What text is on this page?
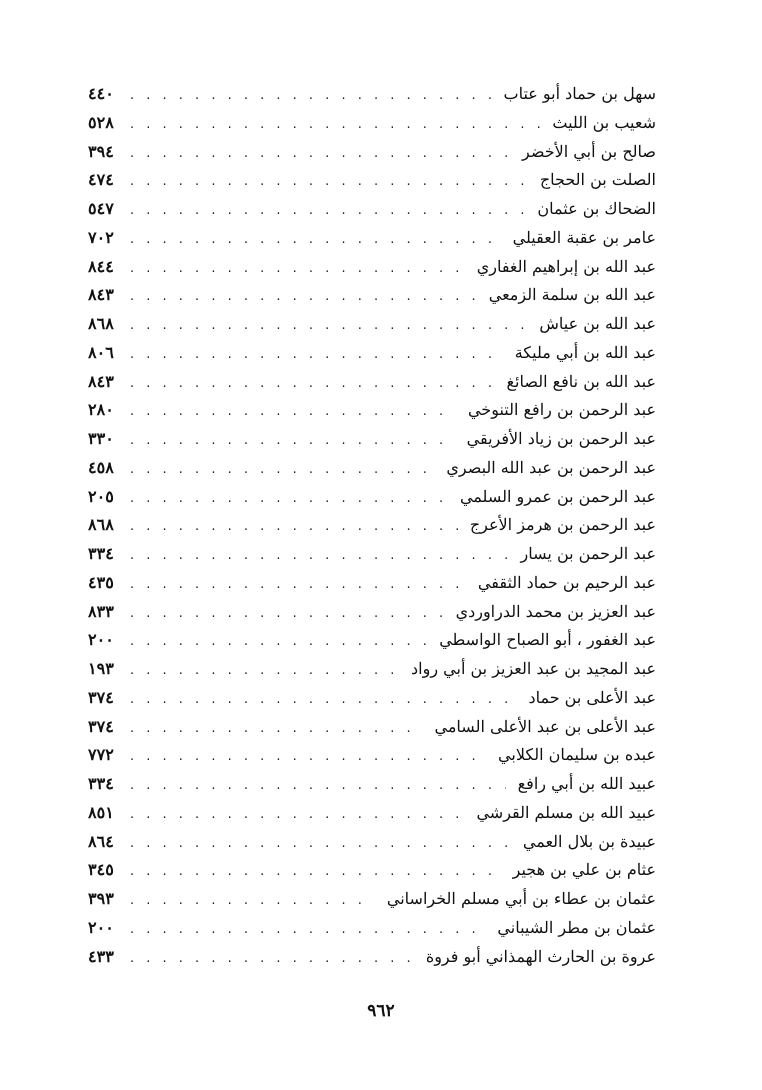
سهل بن حماد أبو عتاب
. . .
٤٤٠
شعيب بن الليث
. . .
٥٢٨
صالح بن أبي الأخضر
. . .
٣٩٤
الصلت بن الحجاج
. . .
٤٧٤
الضحاك بن عثمان
. . .
٥٤٧
عامر بن عقبة العقيلي
. . .
٧٠٢
عبد الله بن إبراهيم الغفاري
. . .
٨٤٤
عبد الله بن سلمة الزمعي
. . .
٨٤٣
عبد الله بن عياش
. . .
٨٦٨
عبد الله بن أبي مليكة
. . .
٨٠٦
عبد الله بن نافع الصائغ
. . .
٨٤٣
عبد الرحمن بن رافع التنوخي
. . .
٢٨٠
عبد الرحمن بن زياد الأفريقي
. . .
٣٣٠
عبد الرحمن بن عبد الله البصري
. . .
٤٥٨
عبد الرحمن بن عمرو السلمي
. . .
٢٠٥
عبد الرحمن بن هرمز الأعرج
. . .
٨٦٨
عبد الرحمن بن يسار
. . .
٣٣٤
عبد الرحيم بن حماد الثقفي
. . .
٤٣٥
عبد العزيز بن محمد الدراوردي
. . .
٨٣٣
عبد الغفور ، أبو الصباح الواسطي
. . .
٢٠٠
عبد المجيد بن عبد العزيز بن أبي رواد
. . .
١٩٣
عبد الأعلى بن حماد
. . .
٣٧٤
عبد الأعلى بن عبد الأعلى السامي
. . .
٣٧٤
عبده بن سليمان الكلابي
. . .
٧٧٢
عبيد الله بن أبي رافع
. . .
٣٣٤
عبيد الله بن مسلم القرشي
. . .
٨٥١
عبيدة بن بلال العمي
. . .
٨٦٤
عثام بن علي بن هجير
. . .
٣٤٥
عثمان بن عطاء بن أبي مسلم الخراساني
. . .
٣٩٣
عثمان بن مطر الشيباني
. . .
٢٠٠
عروة بن الحارث الهمذاني أبو فروة
. . .
٤٣٣
٩٦٢
